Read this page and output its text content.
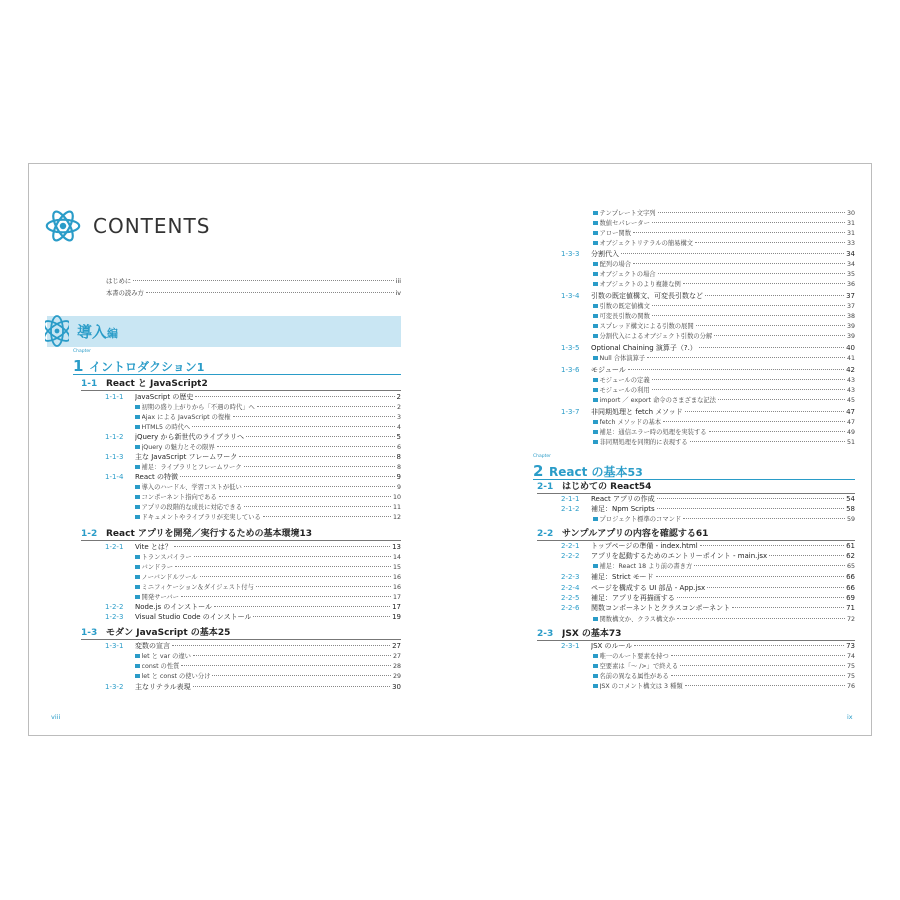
CONTENTS
はじめに	iii
本書の読み方	iv
導入編
Chapter
1 イントロダクション 1
1-1 React と JavaScript 2
1-1-1	JavaScript の歴史	2
初期の盛り上がりから「不遇の時代」へ	2
Ajax による JavaScript の復権	3
HTML5 の時代へ	4
1-1-2	jQuery から新世代のライブラリへ	5
jQuery の魅力とその限界	6
1-1-3	主な JavaScript フレームワーク	8
補足：ライブラリとフレームワーク	8
1-1-4	React の特徴	9
導入のハードル、学習コストが低い	9
コンポーネント指向である	10
アプリの段階的な成長に対応できる	11
ドキュメントやライブラリが充実している	12
1-2 React アプリを開発／実行するための基本環境 13
1-2-1	Vite とは？	13
トランスパイラー	14
バンドラー	15
ノーバンドルツール	16
ミニフィケーション＆ダイジェスト付与	16
開発サーバー	17
1-2-2	Node.js のインストール	17
1-2-3	Visual Studio Code のインストール	19
1-3 モダン JavaScript の基本 25
1-3-1	変数の宣言	27
let と var の違い	27
const の性質	28
let と const の使い分け	29
1-3-2	主なリテラル表現	30
viii
テンプレート文字列	30
数値セパレーター	31
アロー関数	31
オブジェクトリテラルの簡易構文	33
1-3-3	分割代入	34
配列の場合	34
オブジェクトの場合	35
オブジェクトのより複雑な例	36
1-3-4	引数の既定値構文、可変長引数など	37
引数の既定値構文	37
可変長引数の関数	38
スプレッド構文による引数の展開	39
分割代入によるオブジェクト引数の分解	39
1-3-5	Optional Chaining 演算子（?.）	40
Null 合体演算子	41
1-3-6	モジュール	42
モジュールの定義	43
モジュールの利用	43
import ／ export 命令のさまざまな記法	45
1-3-7	非同期処理と fetch メソッド	47
fetch メソッドの基本	47
補足：通信エラー時の処理を実装する	49
非同期処理を同期的に表現する	51
Chapter
2 React の基本 53
2-1 はじめての React 54
2-1-1	React アプリの作成	54
2-1-2	補足：Npm Scripts	58
プロジェクト標準のコマンド	59
2-2 サンプルアプリの内容を確認する 61
2-2-1	トップページの準備 - index.html	61
2-2-2	アプリを起動するためのエントリーポイント - main.jsx	62
補足：React 18 より前の書き方	65
2-2-3	補足：Strict モード	66
2-2-4	ページを構成する UI 部品 - App.jsx	66
2-2-5	補足：アプリを再描画する	69
2-2-6	関数コンポーネントとクラスコンポーネント	71
関数構文か、クラス構文か	72
2-3 JSX の基本 73
2-3-1	JSX のルール	73
唯一のルート要素を持つ	74
空要素は「～ />」で終える	75
名前の異なる属性がある	75
JSX のコメント構文は 3 種類	76
ix
